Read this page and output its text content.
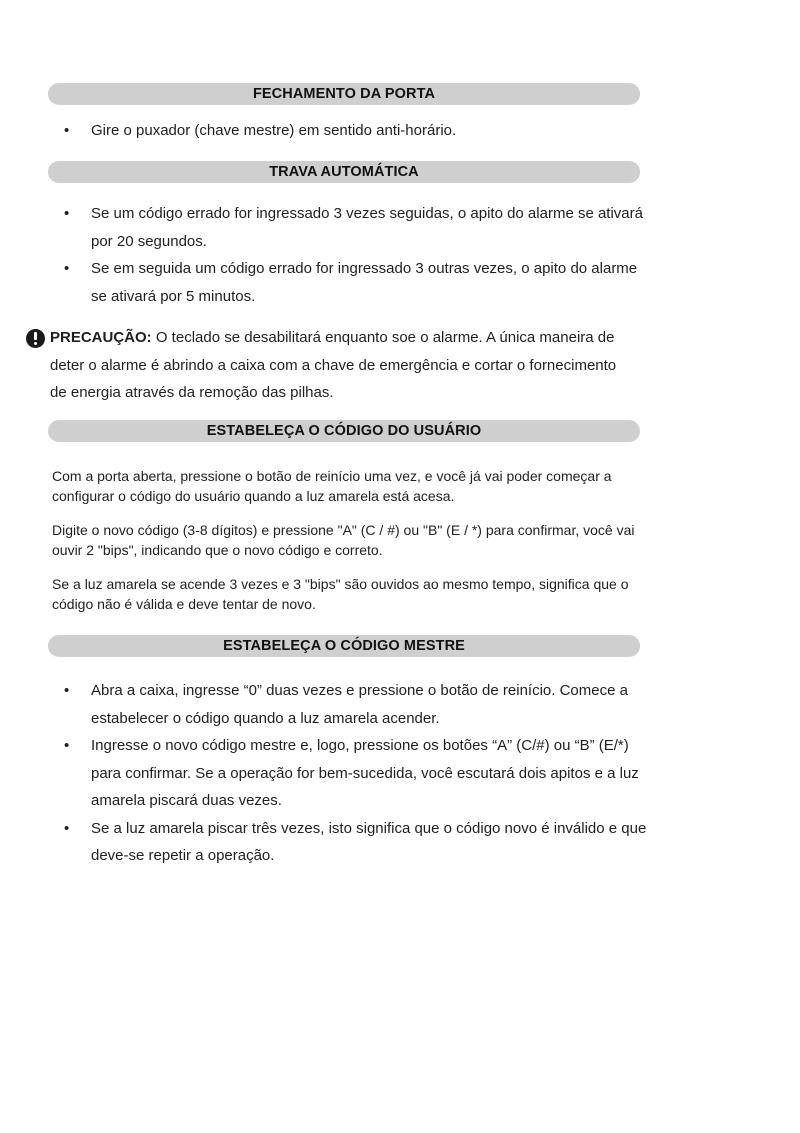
FECHAMENTO DA PORTA
• Gire o puxador (chave mestre) em sentido anti-horário.
TRAVA AUTOMÁTICA
• Se um código errado for ingressado 3 vezes seguidas, o apito do alarme se ativará por 20 segundos.
• Se em seguida um código errado for ingressado 3 outras vezes, o apito do alarme se ativará por 5 minutos.
PRECAUÇÃO: O teclado se desabilitará enquanto soe o alarme. A única maneira de
deter o alarme é abrindo a caixa com a chave de emergência e cortar o fornecimento
de energia através da remoção das pilhas.
ESTABELEÇA O CÓDIGO DO USUÁRIO

Com a porta aberta, pressione o botão de reinício uma vez, e você já vai poder começar a configurar o código do usuário quando a luz amarela está acesa.

Digite o novo código (3-8 dígitos) e pressione "A" (C / #) ou "B" (E / *) para confirmar, você vai ouvir 2 "bips", indicando que o novo código e correto.

Se a luz amarela se acende 3 vezes e 3 "bips" são ouvidos ao mesmo tempo, significa que o código não é válida e deve tentar de novo.

ESTABELEÇA O CÓDIGO MESTRE
• Abra a caixa, ingresse “0” duas vezes e pressione o botão de reinício. Comece a estabelecer o código quando a luz amarela acender.
• Ingresse o novo código mestre e, logo, pressione os botões “A” (C/#) ou “B” (E/*) para confirmar. Se a operação for bem-sucedida, você escutará dois apitos e a luz amarela piscará duas vezes.
• Se a luz amarela piscar três vezes, isto significa que o código novo é inválido e que deve-se repetir a operação.
